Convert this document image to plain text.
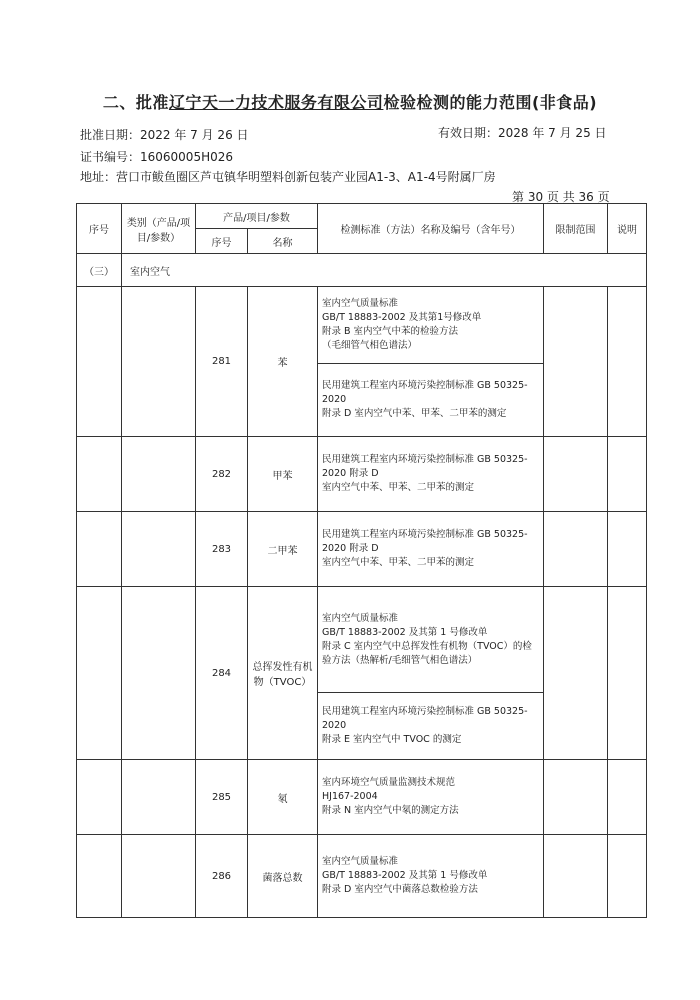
二、批准辽宁天一力技术服务有限公司检验检测的能力范围(非食品)
批准日期：2022 年 7 月 26 日	有效日期：2028 年 7 月 25 日
证书编号：16060005H026
地址：营口市鲅鱼圈区芦屯镇华明塑料创新包装产业园A1-3、A1-4号附属厂房
第 30 页 共 36 页
序号	类别（产品/项目/参数）	产品/项目/参数		检测标准（方法）名称及编号（含年号）	限制范围	说明
		序号	名称			
（三）	室内空气					
		281	苯	室内空气质量标准
GB/T 18883-2002 及其第1号修改单
附录 B 室内空气中苯的检验方法
（毛细管气相色谱法）		
				民用建筑工程室内环境污染控制标准 GB 50325-2020
附录 D 室内空气中苯、甲苯、二甲苯的测定		
		282	甲苯	民用建筑工程室内环境污染控制标准 GB 50325-2020 附录 D
室内空气中苯、甲苯、二甲苯的测定		
		283	二甲苯	民用建筑工程室内环境污染控制标准 GB 50325-2020 附录 D
室内空气中苯、甲苯、二甲苯的测定		
		284	总挥发性有机物（TVOC）	室内空气质量标准
GB/T 18883-2002 及其第 1 号修改单
附录 C 室内空气中总挥发性有机物（TVOC）的检验方法（热解析/毛细管气相色谱法）		
				民用建筑工程室内环境污染控制标准 GB 50325-2020
附录 E 室内空气中 TVOC 的测定		
		285	氡	室内环境空气质量监测技术规范
HJ167-2004
附录 N 室内空气中氡的测定方法		
		286	菌落总数	室内空气质量标准
GB/T 18883-2002 及其第 1 号修改单
附录 D 室内空气中菌落总数检验方法		
